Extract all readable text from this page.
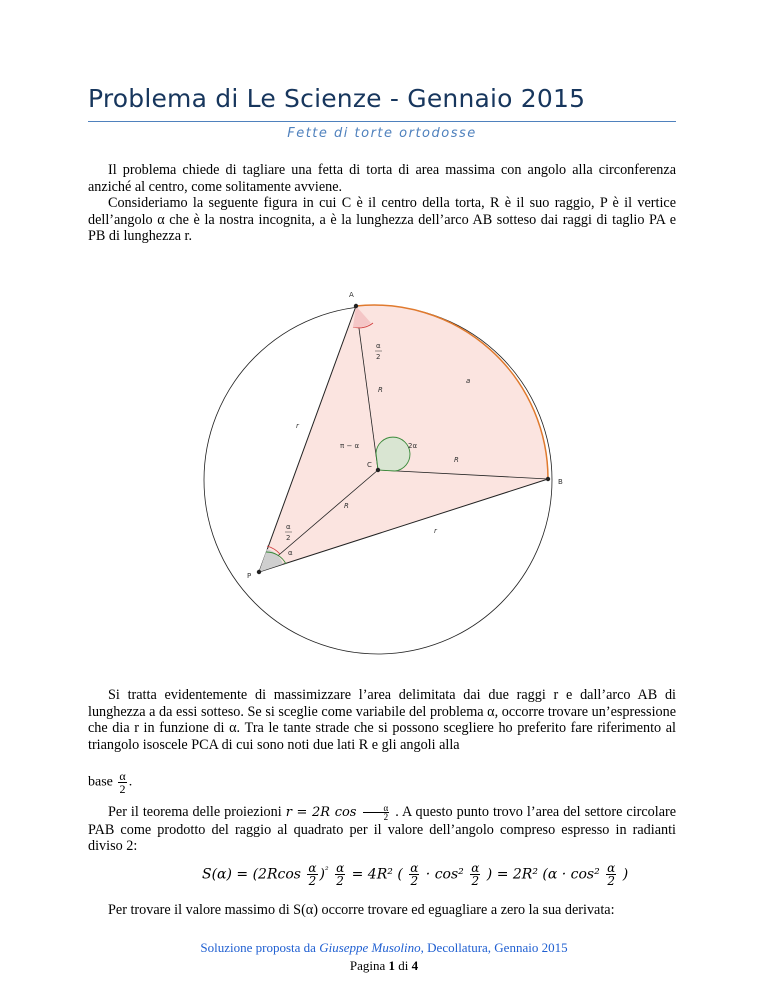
Problema di Le Scienze - Gennaio 2015
Fette di torte ortodosse

Il problema chiede di tagliare una fetta di torta di area massima con angolo alla circonferenza anziché al centro, come solitamente avviene.

Consideriamo la seguente figura in cui C è il centro della torta, R è il suo raggio, P è il vertice dell’angolo α che è la nostra incognita, a è la lunghezza dell’arco AB sotteso dai raggi di taglio PA e PB di lunghezza r.

A
B
C
P
R
R
R
r
r
a
2α
π − α
α
α
2
α
2

Si tratta evidentemente di massimizzare l’area delimitata dai due raggi r e dall’arco AB di lunghezza a da essi sotteso. Se si sceglie come variabile del problema α, occorre trovare un’espressione che dia r in funzione di α. Tra le tante strade che si possono scegliere ho preferito fare riferimento al triangolo isoscele PCA di cui sono noti due lati R e gli angoli alla

base $\frac{\alpha}{2}$ .

Per il teorema delle proiezioni r = 2R $\cos \frac{\alpha}{2}$ . A questo punto trovo l’area del settore circolare PAB come prodotto del raggio al quadrato per il valore dell’angolo compreso espresso in radianti diviso 2:

$S(\alpha) = (2Rcos \frac{\alpha}{2} )^{^2} \frac{\alpha}{2} = 4R^2$ ( $\frac{\alpha}{2} \cdot \cos^2 \frac{\alpha}{2}$ ) = 2R² ($\alpha \cdot \cos^2 \frac{\alpha}{2}$ )

Per trovare il valore massimo di S(α) occorre trovare ed eguagliare a zero la sua derivata:

Soluzione proposta da Giuseppe Musolino, Decollatura, Gennaio 2015
Pagina 1 di 4
